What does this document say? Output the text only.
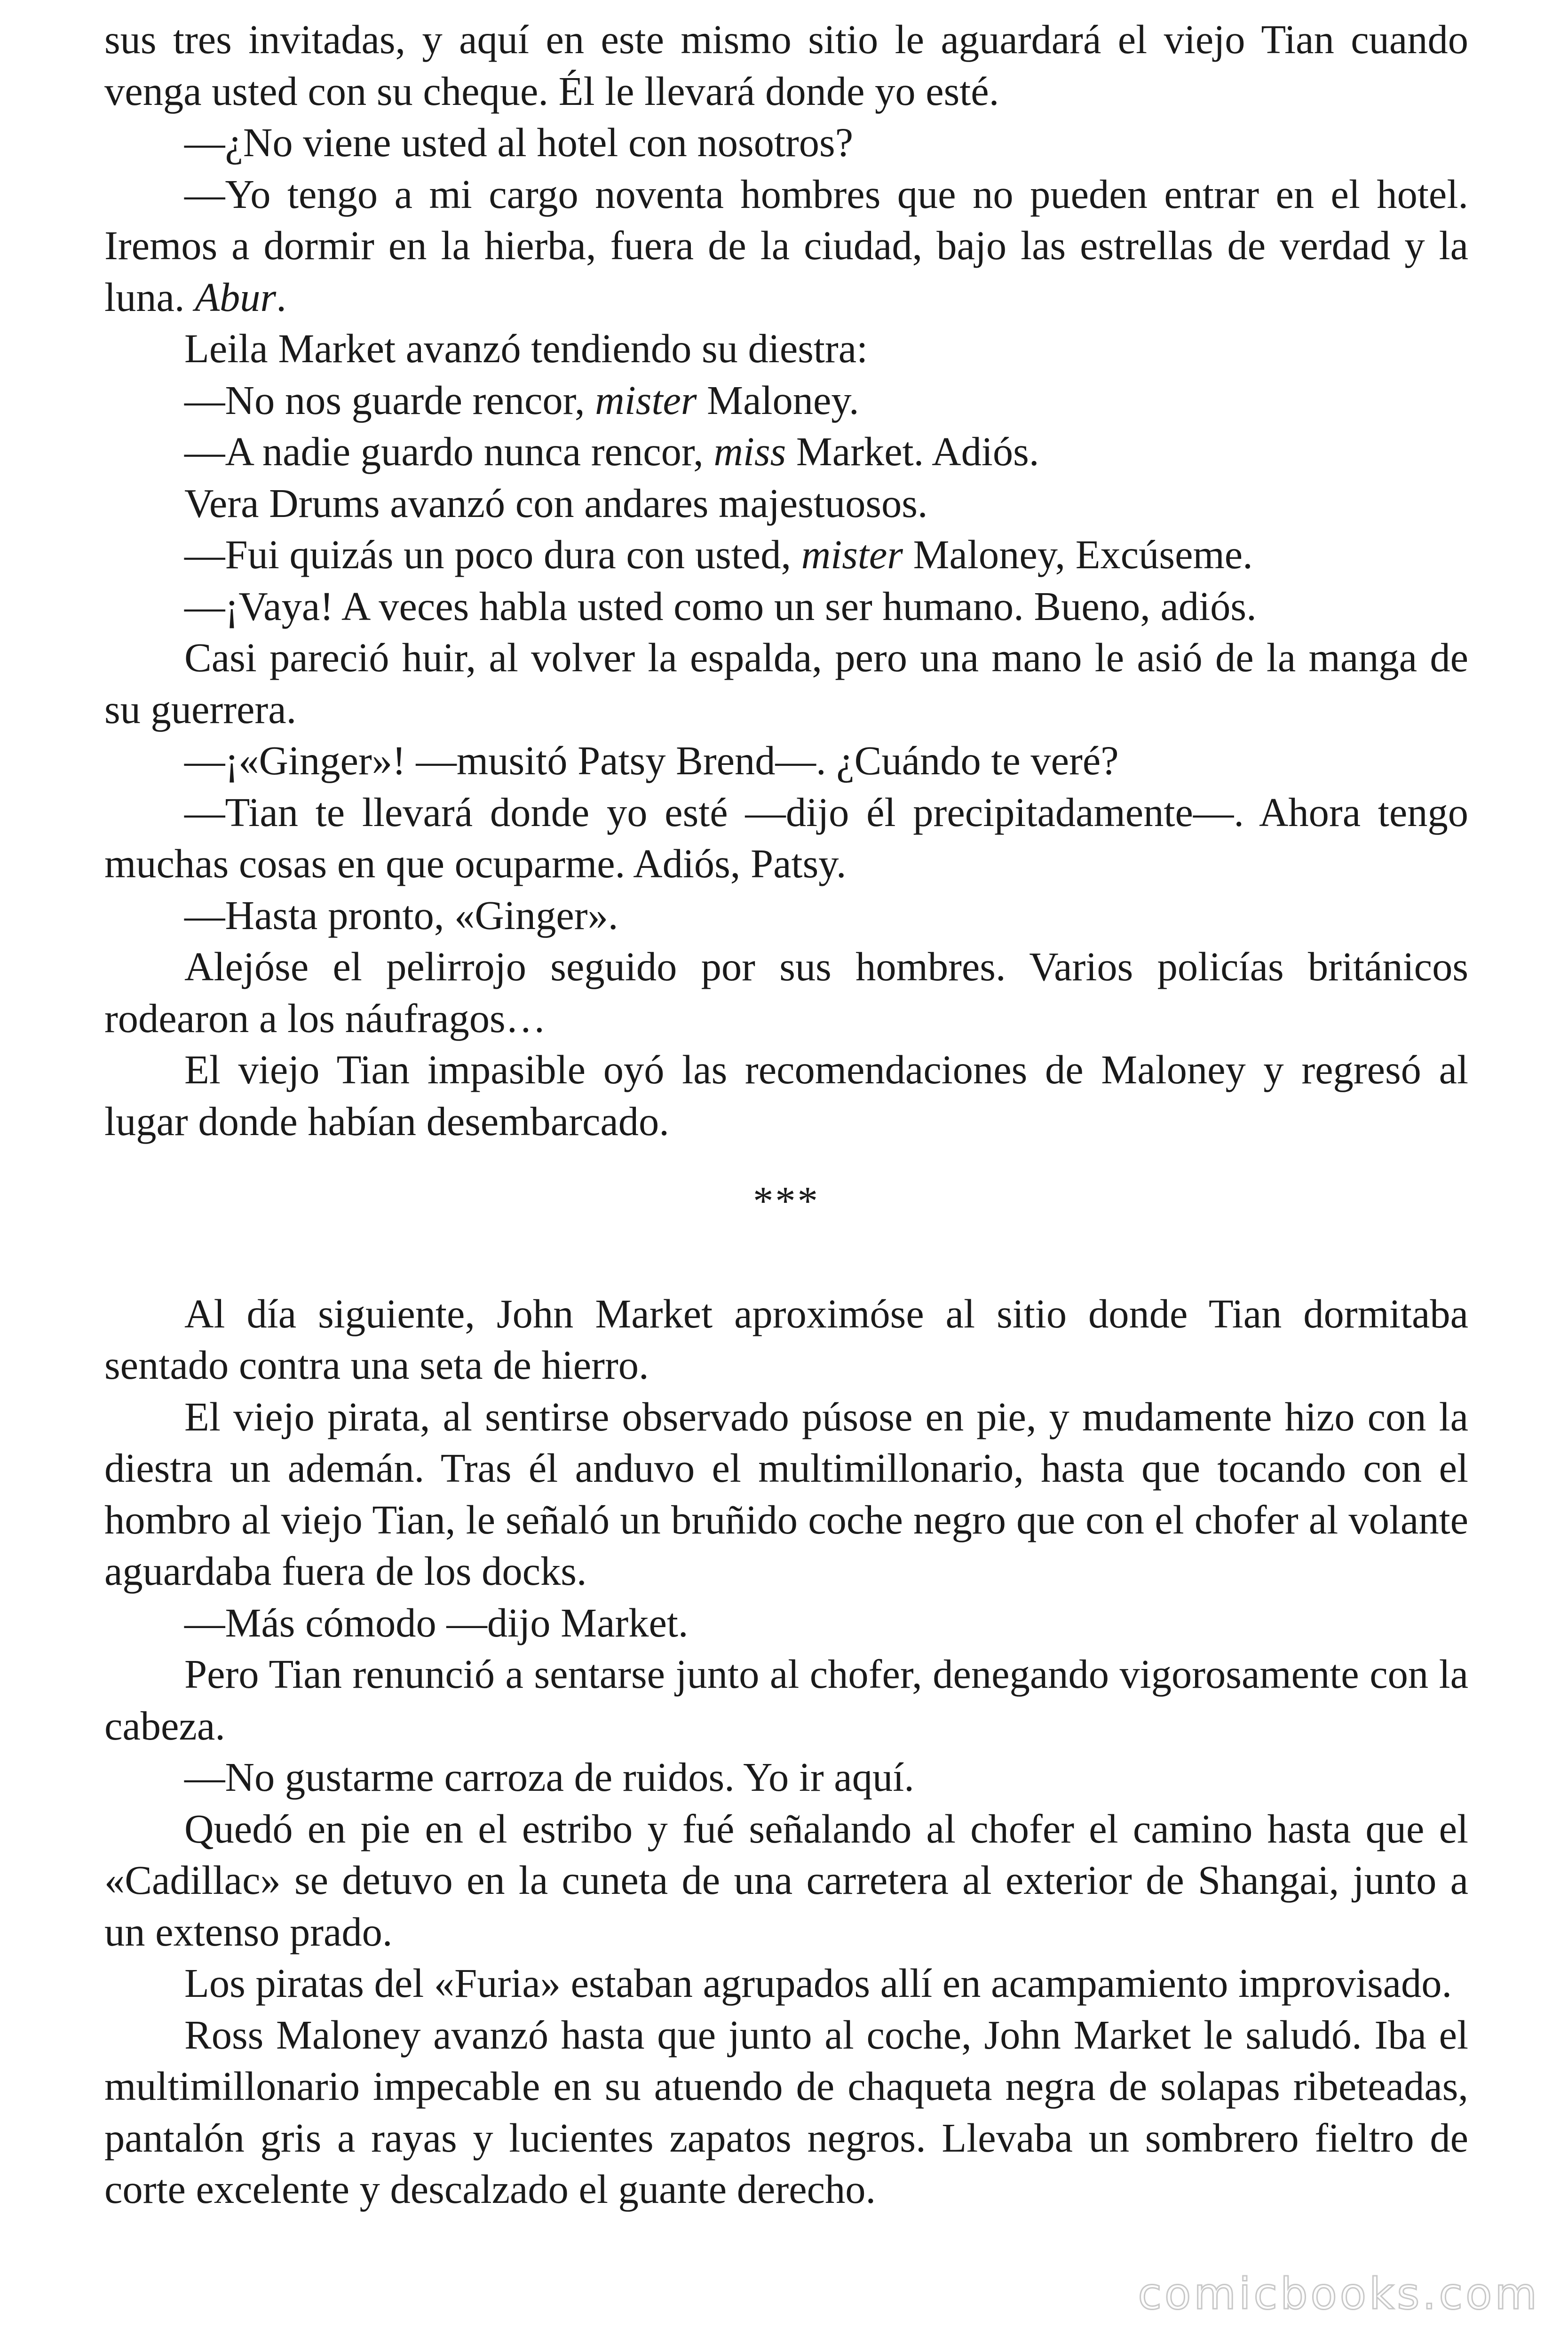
sus tres invitadas, y aquí en este mismo sitio le aguardará el viejo Tian cuando venga usted con su cheque. Él le llevará donde yo esté.

—¿No viene usted al hotel con nosotros?

—Yo tengo a mi cargo noventa hombres que no pueden entrar en el hotel. Iremos a dormir en la hierba, fuera de la ciudad, bajo las estrellas de verdad y la luna. Abur.

Leila Market avanzó tendiendo su diestra:

—No nos guarde rencor, mister Maloney.

—A nadie guardo nunca rencor, miss Market. Adiós.

Vera Drums avanzó con andares majestuosos.

—Fui quizás un poco dura con usted, mister Maloney, Excúseme.

—¡Vaya! A veces habla usted como un ser humano. Bueno, adiós.

Casi pareció huir, al volver la espalda, pero una mano le asió de la manga de su guerrera.

—¡«Ginger»! —musitó Patsy Brend—. ¿Cuándo te veré?

—Tian te llevará donde yo esté —dijo él precipitadamente—. Ahora tengo muchas cosas en que ocuparme. Adiós, Patsy.

—Hasta pronto, «Ginger».

Alejóse el pelirrojo seguido por sus hombres. Varios policías británicos rodearon a los náufragos…

El viejo Tian impasible oyó las recomendaciones de Maloney y regresó al lugar donde habían desembarcado.

***

Al día siguiente, John Market aproximóse al sitio donde Tian dormitaba sentado contra una seta de hierro.

El viejo pirata, al sentirse observado púsose en pie, y mudamente hizo con la diestra un ademán. Tras él anduvo el multimillonario, hasta que tocando con el hombro al viejo Tian, le señaló un bruñido coche negro que con el chofer al volante aguardaba fuera de los docks.

—Más cómodo —dijo Market.

Pero Tian renunció a sentarse junto al chofer, denegando vigorosamente con la cabeza.

—No gustarme carroza de ruidos. Yo ir aquí.

Quedó en pie en el estribo y fué señalando al chofer el camino hasta que el «Cadillac» se detuvo en la cuneta de una carretera al exterior de Shangai, junto a un extenso prado.

Los piratas del «Furia» estaban agrupados allí en acampamiento improvisado.

Ross Maloney avanzó hasta que junto al coche, John Market le saludó. Iba el multimillonario impecable en su atuendo de chaqueta negra de solapas ribeteadas, pantalón gris a rayas y lucientes zapatos negros. Llevaba un sombrero fieltro de corte excelente y descalzado el guante derecho.

comicbooks.com
